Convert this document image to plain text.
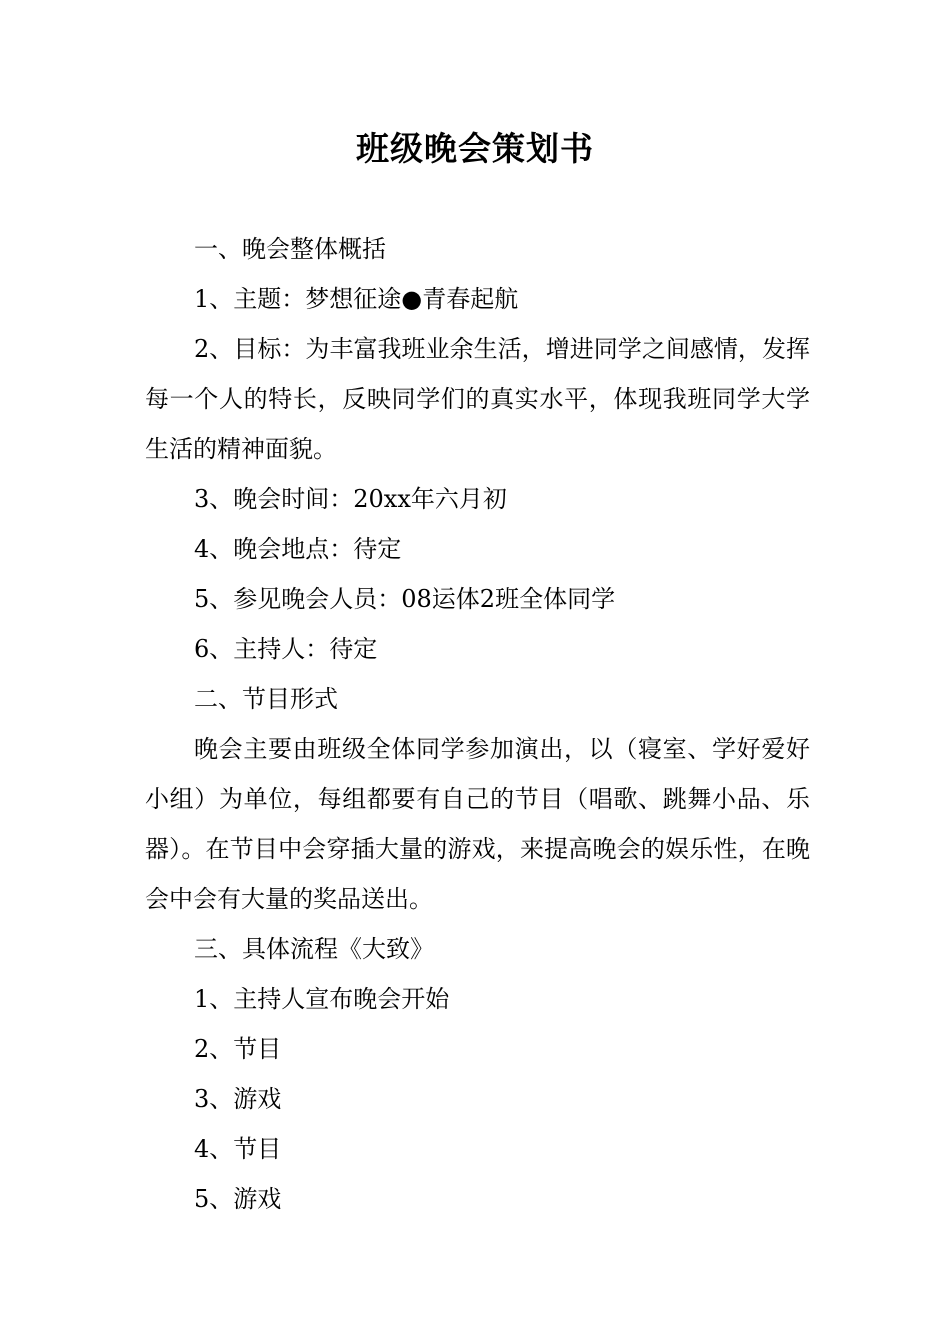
班级晚会策划书

一、晚会整体概括

1、主题：梦想征途●青春起航

2、目标：为丰富我班业余生活，增进同学之间感情，发挥每一个人的特长，反映同学们的真实水平，体现我班同学大学生活的精神面貌。

3、晚会时间：20xx年六月初

4、晚会地点：待定

5、参见晚会人员：08运体2班全体同学

6、主持人：待定

二、节目形式

晚会主要由班级全体同学参加演出，以（寝室、学好爱好小组）为单位，每组都要有自己的节目（唱歌、跳舞小品、乐器）。在节目中会穿插大量的游戏，来提高晚会的娱乐性，在晚会中会有大量的奖品送出。

三、具体流程《大致》

1、主持人宣布晚会开始

2、节目

3、游戏

4、节目

5、游戏
